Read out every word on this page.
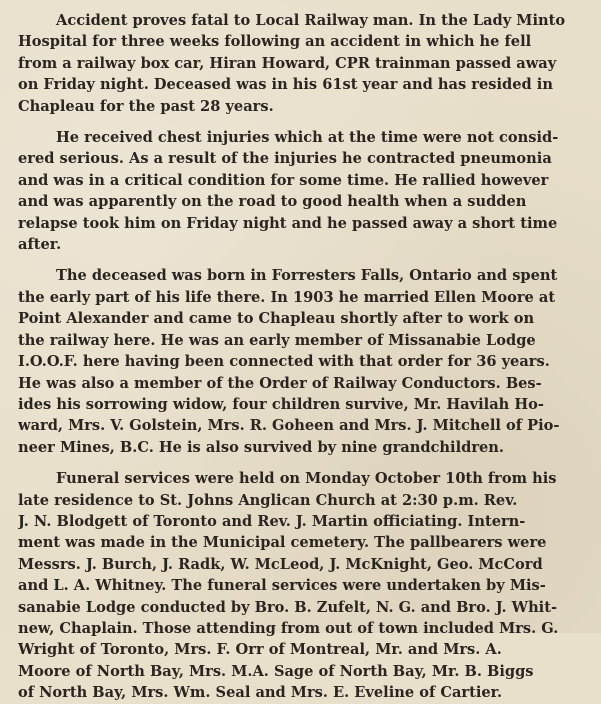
Accident proves fatal to Local Railway man. In the Lady Minto
Hospital for three weeks following an accident in which he fell
from a railway box car, Hiran Howard, CPR trainman passed away
on Friday night. Deceased was in his 61st year and has resided in
Chapleau for the past 28 years.
He received chest injuries which at the time were not consid-
ered serious. As a result of the injuries he contracted pneumonia
and was in a critical condition for some time. He rallied however
and was apparently on the road to good health when a sudden
relapse took him on Friday night and he passed away a short time
after.
The deceased was born in Forresters Falls, Ontario and spent
the early part of his life there. In 1903 he married Ellen Moore at
Point Alexander and came to Chapleau shortly after to work on
the railway here. He was an early member of Missanabie Lodge
I.O.O.F. here having been connected with that order for 36 years.
He was also a member of the Order of Railway Conductors. Bes-
ides his sorrowing widow, four children survive, Mr. Havilah Ho-
ward, Mrs. V. Golstein, Mrs. R. Goheen and Mrs. J. Mitchell of Pio-
neer Mines, B.C. He is also survived by nine grandchildren.
Funeral services were held on Monday October 10th from his
late residence to St. Johns Anglican Church at 2:30 p.m. Rev.
J. N. Blodgett of Toronto and Rev. J. Martin officiating. Intern-
ment was made in the Municipal cemetery. The pallbearers were
Messrs. J. Burch, J. Radk, W. McLeod, J. McKnight, Geo. McCord
and L. A. Whitney. The funeral services were undertaken by Mis-
sanabie Lodge conducted by Bro. B. Zufelt, N. G. and Bro. J. Whit-
new, Chaplain. Those attending from out of town included Mrs. G.
Wright of Toronto, Mrs. F. Orr of Montreal, Mr. and Mrs. A.
Moore of North Bay, Mrs. M.A. Sage of North Bay, Mr. B. Biggs
of North Bay, Mrs. Wm. Seal and Mrs. E. Eveline of Cartier.
